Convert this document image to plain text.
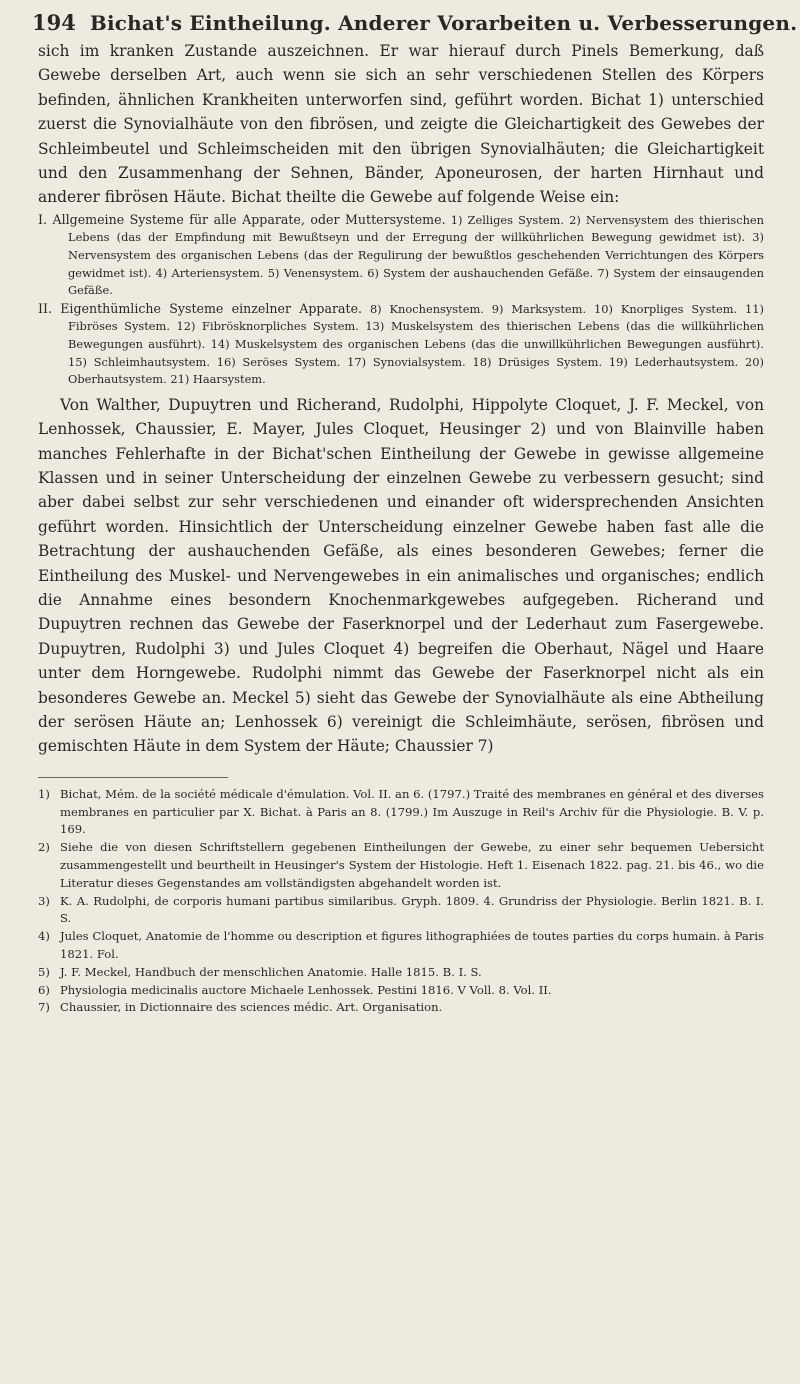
194 Bichat's Eintheilung. Anderer Vorarbeiten u. Verbesserungen.

sich im kranken Zustande auszeichnen. Er war hierauf durch Pinels Bemerkung, daß Gewebe derselben Art, auch wenn sie sich an sehr verschiedenen Stellen des Körpers befinden, ähnlichen Krankheiten unterworfen sind, geführt worden. Bichat 1) unterschied zuerst die Synovialhäute von den fibrösen, und zeigte die Gleichartigkeit des Gewebes der Schleimbeutel und Schleimscheiden mit den übrigen Synovialhäuten; die Gleichartigkeit und den Zusammenhang der Sehnen, Bänder, Aponeurosen, der harten Hirnhaut und anderer fibrösen Häute. Bichat theilte die Gewebe auf folgende Weise ein:

I. Allgemeine Systeme für alle Apparate, oder Muttersysteme. 1) Zelliges System. 2) Nervensystem des thierischen Lebens (das der Empfindung mit Bewußtseyn und der Erregung der willkührlichen Bewegung gewidmet ist). 3) Nervensystem des organischen Lebens (das der Regulirung der bewußtlos geschehenden Verrichtungen des Körpers gewidmet ist). 4) Arteriensystem. 5) Venensystem. 6) System der aushauchenden Gefäße. 7) System der einsaugenden Gefäße.

II. Eigenthümliche Systeme einzelner Apparate. 8) Knochensystem. 9) Marksystem. 10) Knorpliges System. 11) Fibröses System. 12) Fibrösknorpliches System. 13) Muskelsystem des thierischen Lebens (das die willkührlichen Bewegungen ausführt). 14) Muskelsystem des organischen Lebens (das die unwillkührlichen Bewegungen ausführt). 15) Schleimhautsystem. 16) Seröses System. 17) Synovialsystem. 18) Drüsiges System. 19) Lederhautsystem. 20) Oberhautsystem. 21) Haarsystem.

Von Walther, Dupuytren und Richerand, Rudolphi, Hippolyte Cloquet, J. F. Meckel, von Lenhossek, Chaussier, E. Mayer, Jules Cloquet, Heusinger 2) und von Blainville haben manches Fehlerhafte in der Bichat'schen Eintheilung der Gewebe in gewisse allgemeine Klassen und in seiner Unterscheidung der einzelnen Gewebe zu verbessern gesucht; sind aber dabei selbst zur sehr verschiedenen und einander oft widersprechenden Ansichten geführt worden. Hinsichtlich der Unterscheidung einzelner Gewebe haben fast alle die Betrachtung der aushauchenden Gefäße, als eines besonderen Gewebes; ferner die Eintheilung des Muskel- und Nervengewebes in ein animalisches und organisches; endlich die Annahme eines besondern Knochenmarkgewebes aufgegeben. Richerand und Dupuytren rechnen das Gewebe der Faserknorpel und der Lederhaut zum Fasergewebe. Dupuytren, Rudolphi 3) und Jules Cloquet 4) begreifen die Oberhaut, Nägel und Haare unter dem Horngewebe. Rudolphi nimmt das Gewebe der Faserknorpel nicht als ein besonderes Gewebe an. Meckel 5) sieht das Gewebe der Synovialhäute als eine Abtheilung der serösen Häute an; Lenhossek 6) vereinigt die Schleimhäute, serösen, fibrösen und gemischten Häute in dem System der Häute; Chaussier 7)

1) Bichat, Mém. de la société médicale d'émulation. Vol. II. an 6. (1797.) Traité des membranes en général et des diverses membranes en particulier par X. Bichat. à Paris an 8. (1799.) Im Auszuge in Reil's Archiv für die Physiologie. B. V. p. 169.
2) Siehe die von diesen Schriftstellern gegebenen Eintheilungen der Gewebe, zu einer sehr bequemen Uebersicht zusammengestellt und beurtheilt in Heusinger's System der Histologie. Heft 1. Eisenach 1822. pag. 21. bis 46., wo die Literatur dieses Gegenstandes am vollständigsten abgehandelt worden ist.
3) K. A. Rudolphi, de corporis humani partibus similaribus. Gryph. 1809. 4. Grundriss der Physiologie. Berlin 1821. B. I. S.
4) Jules Cloquet, Anatomie de l'homme ou description et figures lithographiées de toutes parties du corps humain. à Paris 1821. Fol.
5) J. F. Meckel, Handbuch der menschlichen Anatomie. Halle 1815. B. I. S.
6) Physiologia medicinalis auctore Michaele Lenhossek. Pestini 1816. V Voll. 8. Vol. II.
7) Chaussier, in Dictionnaire des sciences médic. Art. Organisation.
